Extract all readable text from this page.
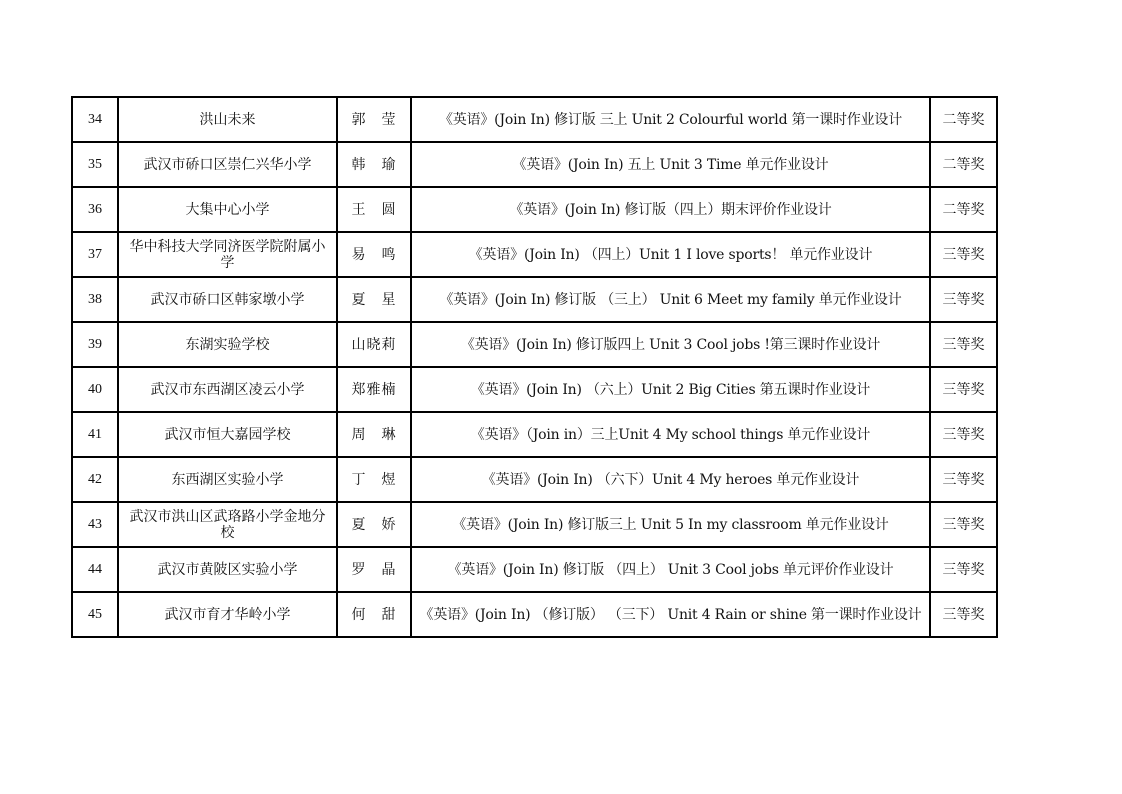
34	洪山未来	郭　莹	《英语》(Join In) 修订版 三上 Unit 2 Colourful world 第一课时作业设计	二等奖
35	武汉市硚口区崇仁兴华小学	韩　瑜	《英语》(Join In) 五上 Unit 3 Time 单元作业设计	二等奖
36	大集中心小学	王　圆	《英语》(Join In) 修订版（四上）期末评价作业设计	二等奖
37	华中科技大学同济医学院附属小学	易　鸣	《英语》(Join In) （四上）Unit 1 I love sports！ 单元作业设计	三等奖
38	武汉市硚口区韩家墩小学	夏　星	《英语》(Join In) 修订版 （三上） Unit 6 Meet my family 单元作业设计	三等奖
39	东湖实验学校	山晓莉	《英语》(Join In) 修订版四上 Unit 3 Cool jobs !第三课时作业设计	三等奖
40	武汉市东西湖区凌云小学	郑雅楠	《英语》(Join In) （六上）Unit 2 Big Cities 第五课时作业设计	三等奖
41	武汉市恒大嘉园学校	周　琳	《英语》（Join in）三上Unit 4 My school things 单元作业设计	三等奖
42	东西湖区实验小学	丁　煜	《英语》(Join In) （六下）Unit 4 My heroes 单元作业设计	三等奖
43	武汉市洪山区武珞路小学金地分校	夏　娇	《英语》(Join In) 修订版三上 Unit 5 In my classroom 单元作业设计	三等奖
44	武汉市黄陂区实验小学	罗　晶	《英语》(Join In) 修订版 （四上） Unit 3 Cool jobs 单元评价作业设计	三等奖
45	武汉市育才华岭小学	何　甜	《英语》(Join In) （修订版） （三下） Unit 4 Rain or shine 第一课时作业设计	三等奖
